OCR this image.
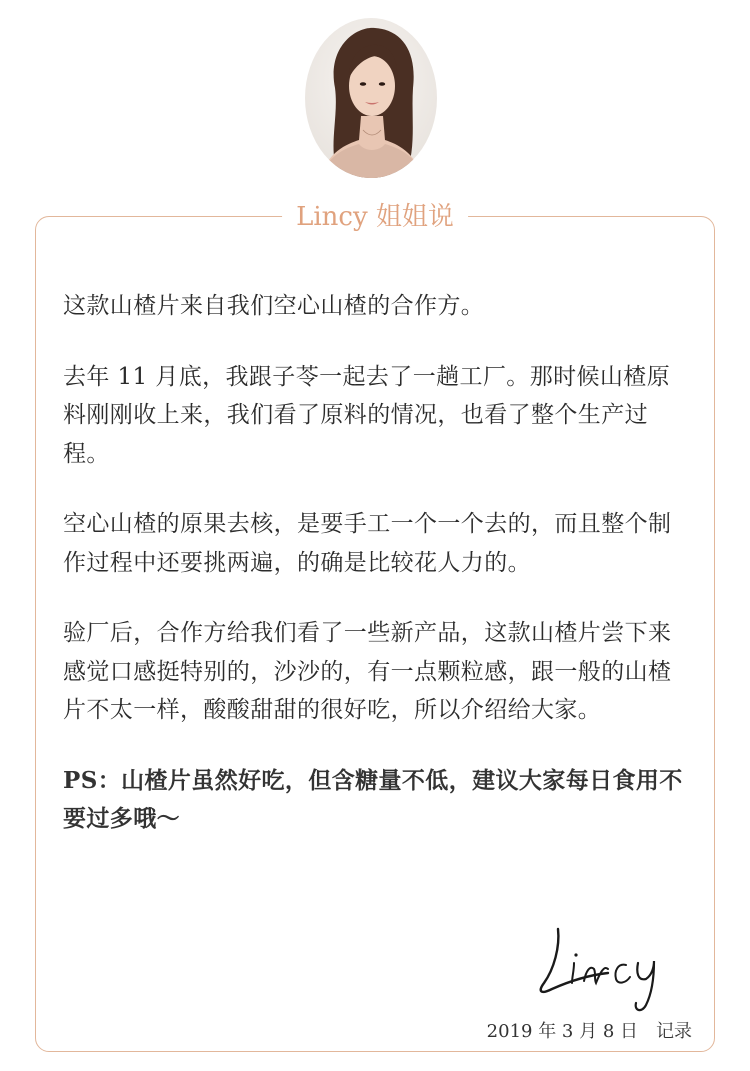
Lincy 姐姐说

这款山楂片来自我们空心山楂的合作方。

去年 11 月底，我跟子苓一起去了一趟工厂。那时候山楂原料刚刚收上来，我们看了原料的情况，也看了整个生产过程。

空心山楂的原果去核，是要手工一个一个去的，而且整个制作过程中还要挑两遍，的确是比较花人力的。

验厂后，合作方给我们看了一些新产品，这款山楂片尝下来感觉口感挺特别的，沙沙的，有一点颗粒感，跟一般的山楂片不太一样，酸酸甜甜的很好吃，所以介绍给大家。

PS：山楂片虽然好吃，但含糖量不低，建议大家每日食用不要过多哦～

2019 年 3 月 8 日 记录
